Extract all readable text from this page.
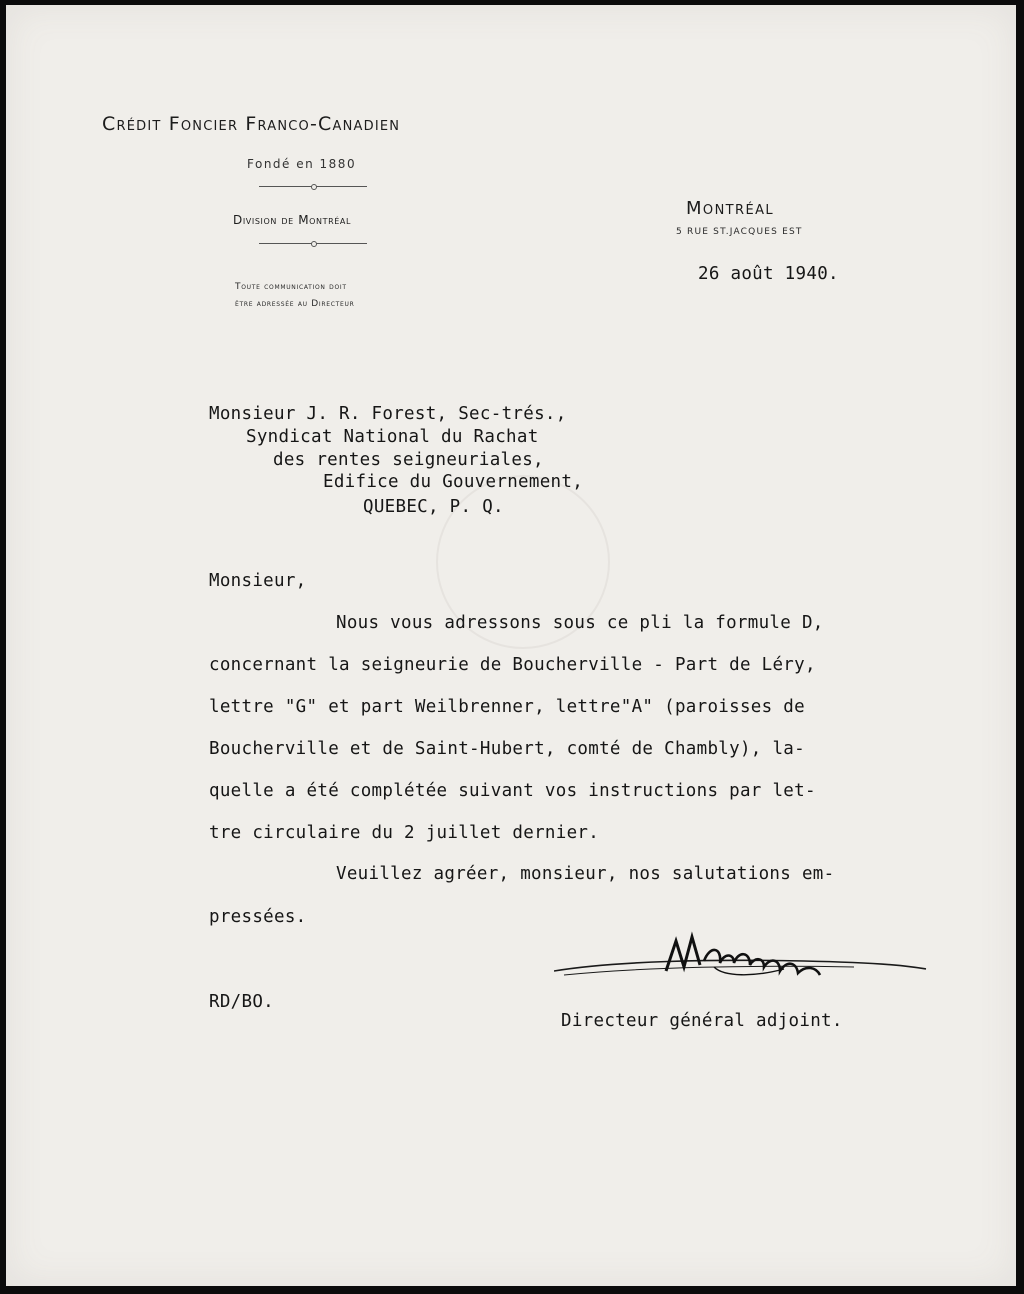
Crédit Foncier Franco-Canadien
Fondé en 1880
Division de Montréal
Toute communication doit
être adressée au Directeur
Montréal
5 RUE ST.JACQUES EST
26 août 1940.
Monsieur J. R. Forest, Sec-trés.,
Syndicat National du Rachat
des rentes seigneuriales,
Edifice du Gouvernement,
QUEBEC, P. Q.
Monsieur,
Nous vous adressons sous ce pli la formule D,
concernant la seigneurie de Boucherville - Part de Léry,
lettre "G" et part Weilbrenner, lettre"A" (paroisses de
Boucherville et de Saint-Hubert, comté de Chambly), la-
quelle a été complétée suivant vos instructions par let-
tre circulaire du 2 juillet dernier.
Veuillez agréer, monsieur, nos salutations em-
pressées.
RD/BO.
Directeur général adjoint.
